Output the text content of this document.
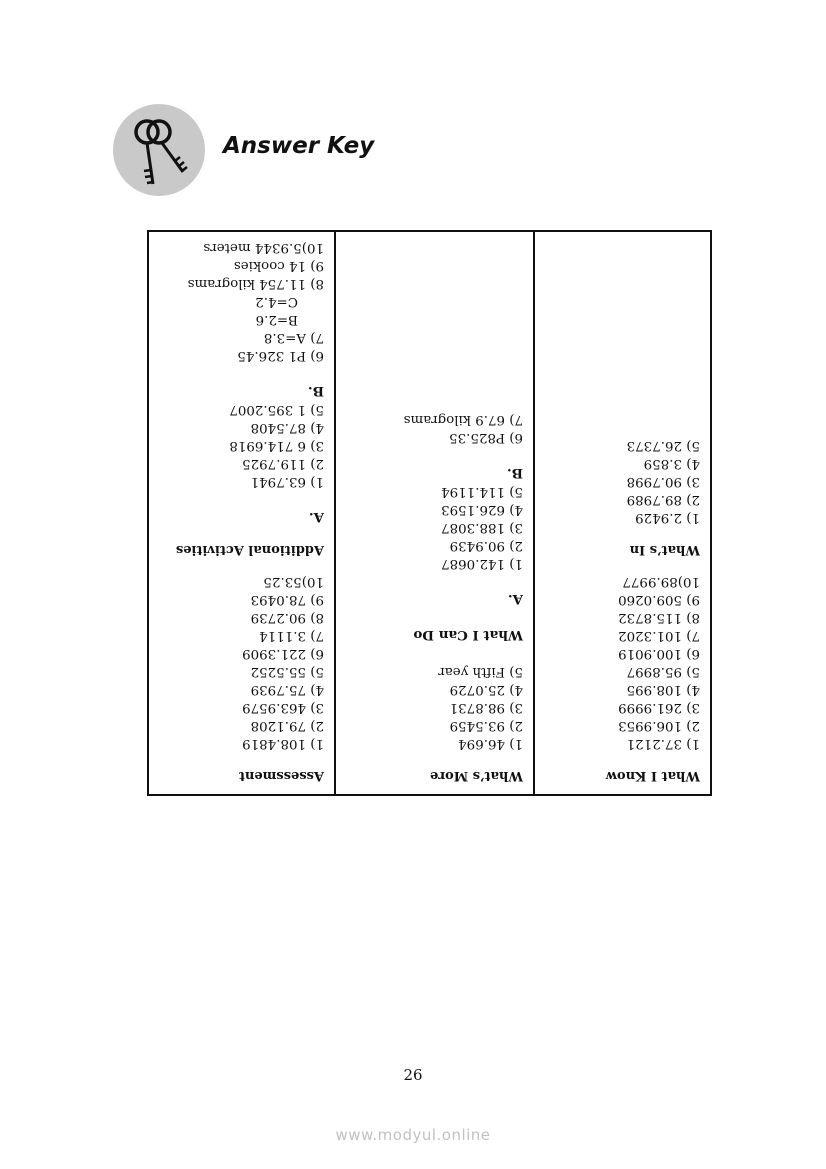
Answer Key
What I Know
1) 37.2121
2) 106.9953
3) 261.9999
4) 108.995
5) 95.8997
6) 100.9019
7) 101.3202
8) 115.8732
9) 509.0260
10)89.9977
What’s In
1) 2.9429
2) 89.7989
3) 90.7998
4) 3.859
5) 26.7373
What’s More
1) 46.694
2) 93.5459
3) 98.8731
4) 25.0729
5) Fifth year
What I Can Do
A.
1) 142.0687
2) 90.9439
3) 188.3087
4) 626.1593
5) 114.1194
B.
6) P825.35
7) 67.9 kilograms
Assessment
1) 108.4819
2) 79.1208
3) 463.9579
4) 75.7939
5) 55.5252
6) 221.3909
7) 3.1114
8) 90.2739
9) 78.0493
10)53.25
Additional Activities
A.
1) 63.7941
2) 119.7925
3) 6 714.6918
4) 87.5408
5) 1 395.2007
B.
6) P1 326.45
7) A=3.8
B=2.6
C=4.2
8) 11.754 kilograms
9) 14 cookies
10)5.9344 meters
26
www.modyul.online
